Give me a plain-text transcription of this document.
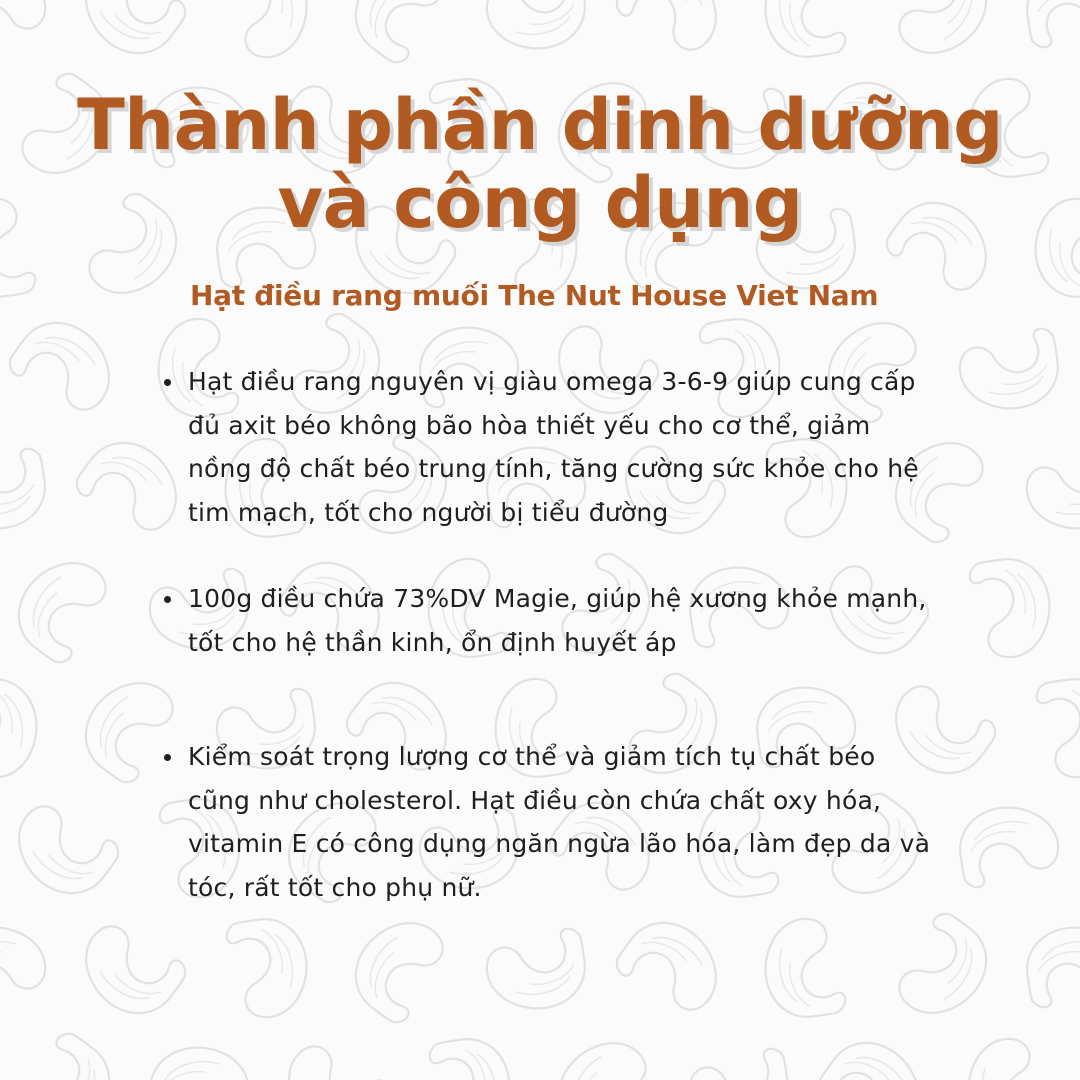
Thành phần dinh dưỡng
và công dụng

Hạt điều rang muối The Nut House Viet Nam

Hạt điều rang nguyên vị giàu omega 3-6-9 giúp cung cấp đủ axit béo không bão hòa thiết yếu cho cơ thể, giảm nồng độ chất béo trung tính, tăng cường sức khỏe cho hệ tim mạch, tốt cho người bị tiểu đường
100g điều chứa 73%DV Magie, giúp hệ xương khỏe mạnh, tốt cho hệ thần kinh, ổn định huyết áp
Kiểm soát trọng lượng cơ thể và giảm tích tụ chất béo cũng như cholesterol. Hạt điều còn chứa chất oxy hóa, vitamin E có công dụng ngăn ngừa lão hóa, làm đẹp da và tóc, rất tốt cho phụ nữ.
